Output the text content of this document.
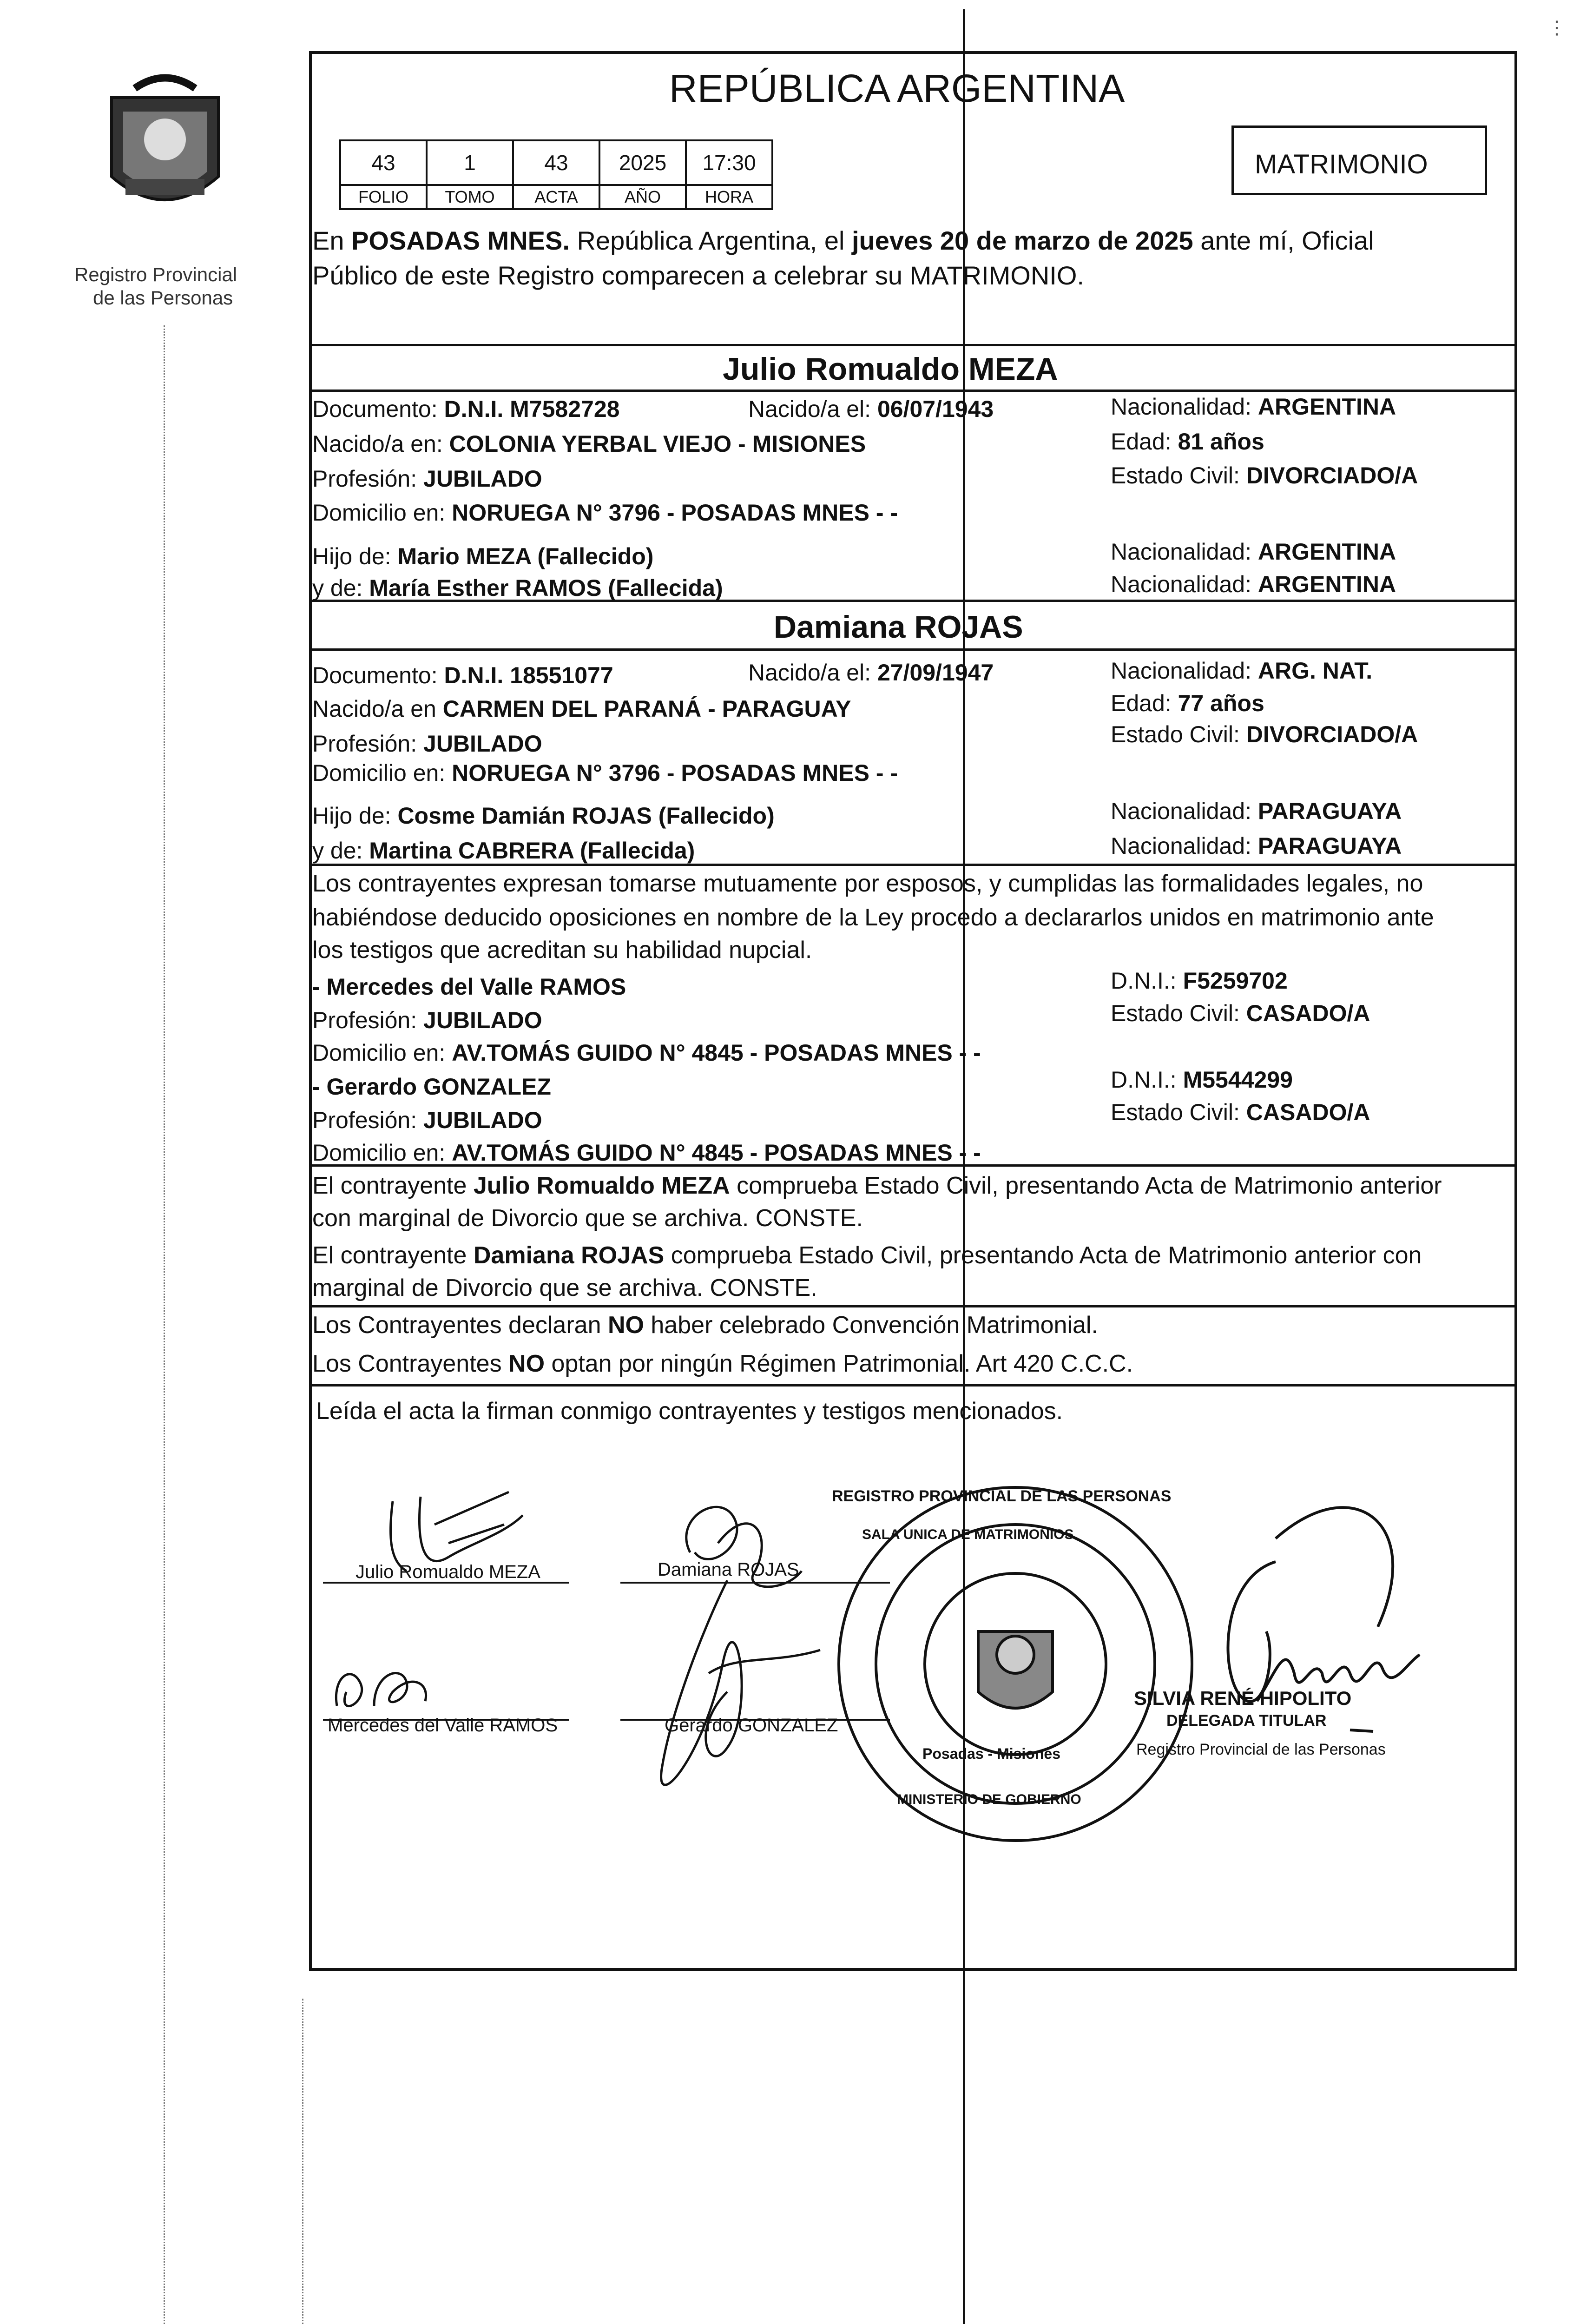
Registro Provincial
de las Personas
REPÚBLICA ARGENTINA
43	1	43	2025	17:30
FOLIO	TOMO	ACTA	AÑO	HORA
MATRIMONIO
En POSADAS MNES. República Argentina, el jueves 20 de marzo de 2025 ante mí, Oficial
Público de este Registro comparecen a celebrar su MATRIMONIO.
Julio Romualdo MEZA
Documento: D.N.I. M7582728	Nacido/a el: 06/07/1943	Nacionalidad: ARGENTINA
Nacido/a en: COLONIA YERBAL VIEJO - MISIONES	Edad: 81 años
Profesión: JUBILADO	Estado Civil: DIVORCIADO/A
Domicilio en: NORUEGA N° 3796 - POSADAS MNES - -
Hijo de: Mario MEZA (Fallecido)	Nacionalidad: ARGENTINA
y de: María Esther RAMOS (Fallecida)	Nacionalidad: ARGENTINA
Damiana ROJAS
Documento: D.N.I. 18551077	Nacido/a el: 27/09/1947	Nacionalidad: ARG. NAT.
Nacido/a en CARMEN DEL PARANÁ - PARAGUAY	Edad: 77 años
Profesión: JUBILADO	Estado Civil: DIVORCIADO/A
Domicilio en: NORUEGA N° 3796 - POSADAS MNES - -
Hijo de: Cosme Damián ROJAS (Fallecido)	Nacionalidad: PARAGUAYA
y de: Martina CABRERA (Fallecida)	Nacionalidad: PARAGUAYA
Los contrayentes expresan tomarse mutuamente por esposos, y cumplidas las formalidades legales, no
habiéndose deducido oposiciones en nombre de la Ley procedo a declararlos unidos en matrimonio ante
los testigos que acreditan su habilidad nupcial.
- Mercedes del Valle RAMOS	D.N.I.: F5259702
Profesión: JUBILADO	Estado Civil: CASADO/A
Domicilio en: AV.TOMÁS GUIDO N° 4845 - POSADAS MNES - -
- Gerardo GONZALEZ	D.N.I.: M5544299
Profesión: JUBILADO	Estado Civil: CASADO/A
Domicilio en: AV.TOMÁS GUIDO N° 4845 - POSADAS MNES - -
El contrayente Julio Romualdo MEZA comprueba Estado Civil, presentando Acta de Matrimonio anterior
con marginal de Divorcio que se archiva. CONSTE.
El contrayente Damiana ROJAS comprueba Estado Civil, presentando Acta de Matrimonio anterior con
marginal de Divorcio que se archiva. CONSTE.
Los Contrayentes declaran NO haber celebrado Convención Matrimonial.
Los Contrayentes NO optan por ningún Régimen Patrimonial. Art 420 C.C.C.
Leída el acta la firman conmigo contrayentes y testigos mencionados.
Julio Romualdo MEZA	Damiana ROJAS
Mercedes del Valle RAMOS	Gerardo GONZALEZ
REGISTRO PROVINCIAL DE LAS PERSONAS
SALA UNICA DE MATRIMONIOS
Posadas - Misiones
MINISTERIO DE GOBIERNO
SILVIA RENÉ HIPOLITO
DELEGADA TITULAR
Registro Provincial de las Personas
⋮
